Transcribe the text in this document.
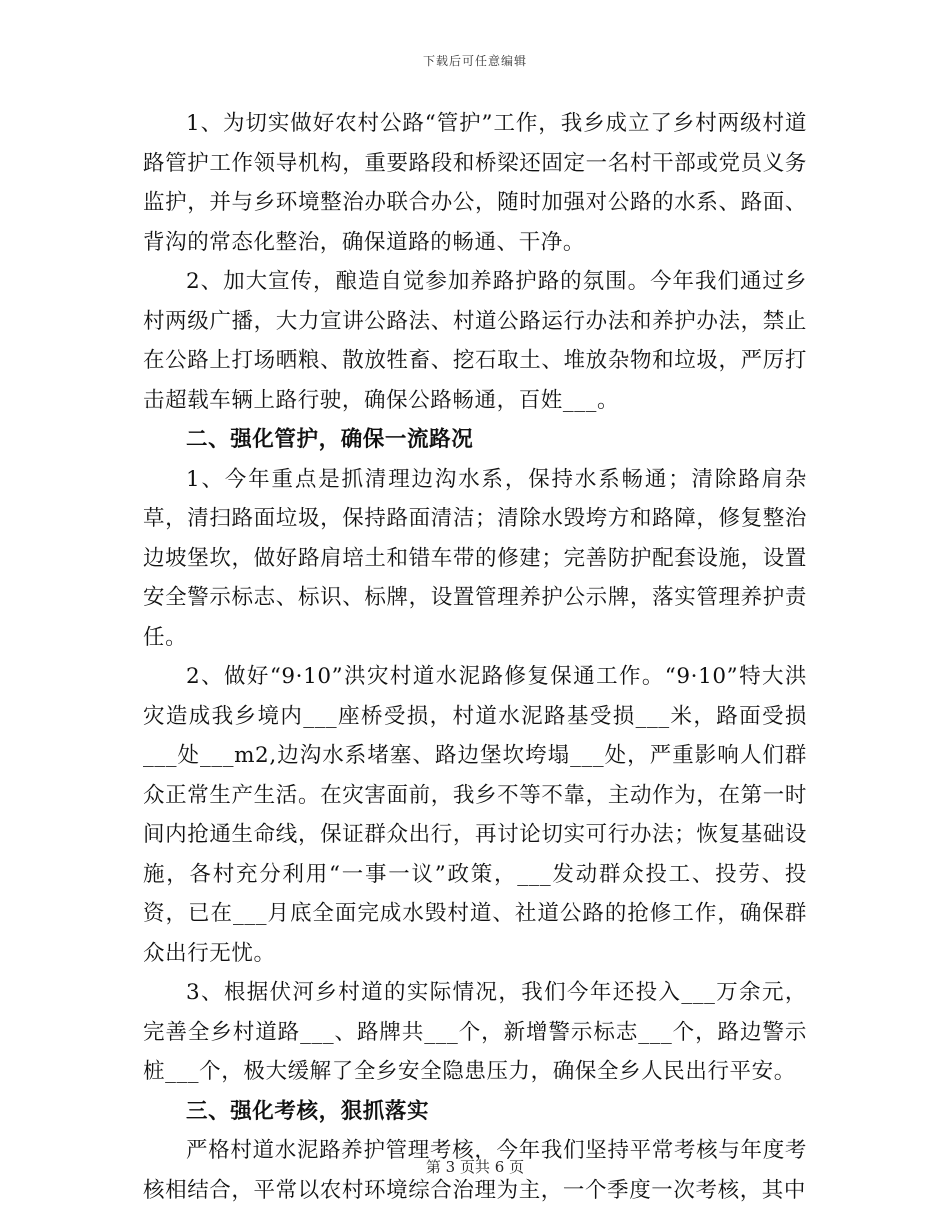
下载后可任意编辑

1、为切实做好农村公路“管护”工作，我乡成立了乡村两级村道路管护工作领导机构，重要路段和桥梁还固定一名村干部或党员义务监护，并与乡环境整治办联合办公，随时加强对公路的水系、路面、背沟的常态化整治，确保道路的畅通、干净。

2、加大宣传，酿造自觉参加养路护路的氛围。今年我们通过乡村两级广播，大力宣讲公路法、村道公路运行办法和养护办法，禁止在公路上打场晒粮、散放牲畜、挖石取土、堆放杂物和垃圾，严厉打击超载车辆上路行驶，确保公路畅通，百姓___。

二、强化管护，确保一流路况

1、今年重点是抓清理边沟水系，保持水系畅通；清除路肩杂草，清扫路面垃圾，保持路面清洁；清除水毁垮方和路障，修复整治边坡堡坎，做好路肩培土和错车带的修建；完善防护配套设施，设置安全警示标志、标识、标牌，设置管理养护公示牌，落实管理养护责任。

2、做好“9·10”洪灾村道水泥路修复保通工作。“9·10”特大洪灾造成我乡境内___座桥受损，村道水泥路基受损___米，路面受损___处___m2,边沟水系堵塞、路边堡坎垮塌___处，严重影响人们群众正常生产生活。在灾害面前，我乡不等不靠，主动作为，在第一时间内抢通生命线，保证群众出行，再讨论切实可行办法；恢复基础设施，各村充分利用“一事一议”政策，___发动群众投工、投劳、投资，已在___月底全面完成水毁村道、社道公路的抢修工作，确保群众出行无忧。

3、根据伏河乡村道的实际情况，我们今年还投入___万余元，完善全乡村道路___、路牌共___个，新增警示标志___个，路边警示桩___个，极大缓解了全乡安全隐患压力，确保全乡人民出行平安。

三、强化考核，狠抓落实

严格村道水泥路养护管理考核，今年我们坚持平常考核与年度考核相结合，平常以农村环境综合治理为主，一个季度一次考核，其中

第 3 页共 6 页
